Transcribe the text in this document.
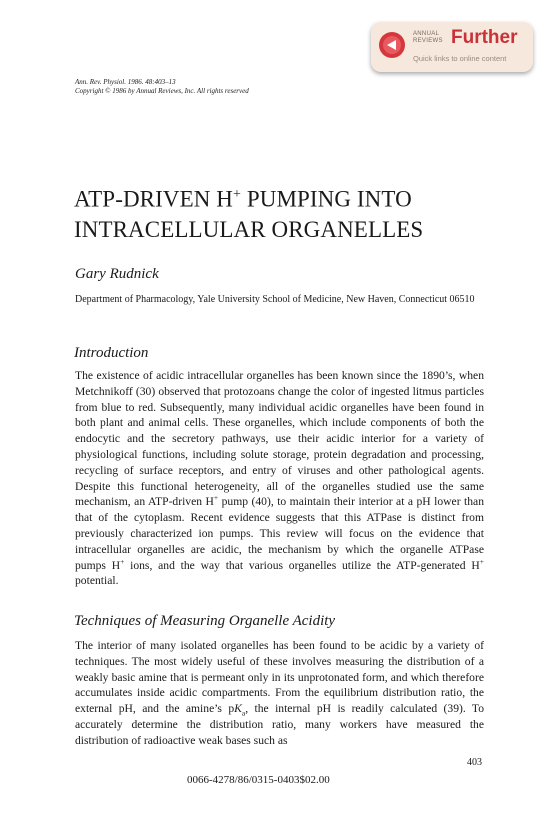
ANNUAL
REVIEWS Further
Quick links to online content
Ann. Rev. Physiol. 1986. 48:403–13
Copyright © 1986 by Annual Reviews, Inc. All rights reserved
ATP-DRIVEN H+ PUMPING INTO
INTRACELLULAR ORGANELLES
Gary Rudnick
Department of Pharmacology, Yale University School of Medicine, New Haven, Connecticut 06510
Introduction
The existence of acidic intracellular organelles has been known since the 1890’s, when Metchnikoff (30) observed that protozoans change the color of ingested litmus particles from blue to red. Subsequently, many individual acidic organelles have been found in both plant and animal cells. These organelles, which include components of both the endocytic and the secretory pathways, use their acidic interior for a variety of physiological functions, including solute storage, protein degradation and processing, recycling of surface receptors, and entry of viruses and other pathological agents. Despite this functional heterogeneity, all of the organelles studied use the same mechanism, an ATP-driven H+ pump (40), to maintain their interior at a pH lower than that of the cytoplasm. Recent evidence suggests that this ATPase is distinct from previously characterized ion pumps. This review will focus on the evidence that intracellular organelles are acidic, the mechanism by which the organelle ATPase pumps H+ ions, and the way that various organelles utilize the ATP-generated H+ potential.
Techniques of Measuring Organelle Acidity
The interior of many isolated organelles has been found to be acidic by a variety of techniques. The most widely useful of these involves measuring the distribution of a weakly basic amine that is permeant only in its unprotonated form, and which therefore accumulates inside acidic compartments. From the equilibrium distribution ratio, the external pH, and the amine’s $pK_a$, the internal pH is readily calculated (39). To accurately determine the distribution ratio, many workers have measured the distribution of radioactive weak bases such as
403
0066-4278/86/0315-0403$02.00
